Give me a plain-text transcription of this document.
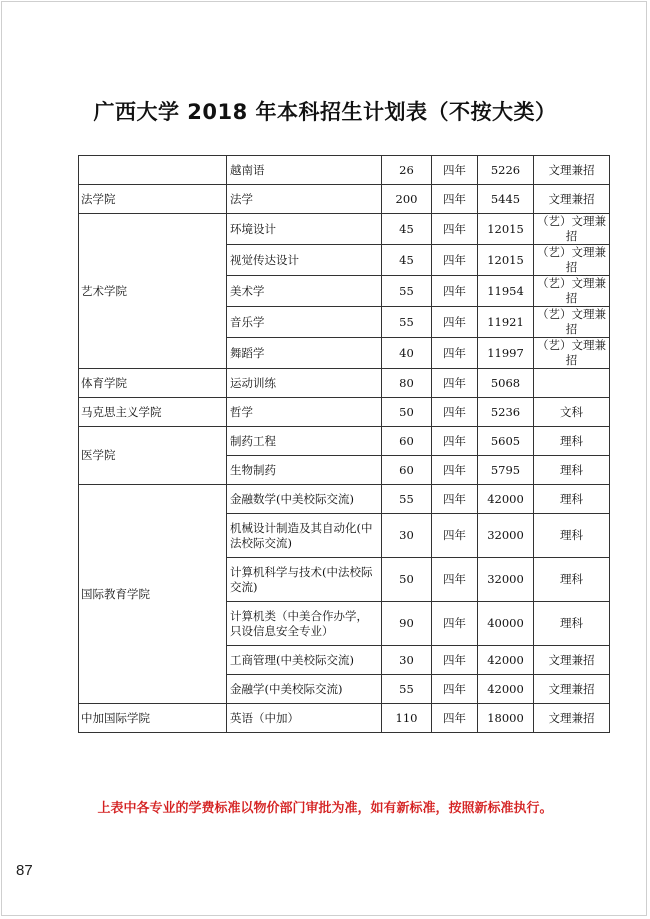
广西大学 2018 年本科招生计划表（不按大类）
	越南语	26	四年	5226	文理兼招
法学院	法学	200	四年	5445	文理兼招
艺术学院	环境设计	45	四年	12015	（艺）文理兼招
	视觉传达设计	45	四年	12015	（艺）文理兼招
	美术学	55	四年	11954	（艺）文理兼招
	音乐学	55	四年	11921	（艺）文理兼招
	舞蹈学	40	四年	11997	（艺）文理兼招
体育学院	运动训练	80	四年	5068	
马克思主义学院	哲学	50	四年	5236	文科
医学院	制药工程	60	四年	5605	理科
	生物制药	60	四年	5795	理科
国际教育学院	金融数学(中美校际交流)	55	四年	42000	理科
	机械设计制造及其自动化(中法校际交流)	30	四年	32000	理科
	计算机科学与技术(中法校际交流)	50	四年	32000	理科
	计算机类（中美合作办学，只设信息安全专业）	90	四年	40000	理科
	工商管理(中美校际交流)	30	四年	42000	文理兼招
	金融学(中美校际交流)	55	四年	42000	文理兼招
中加国际学院	英语（中加）	110	四年	18000	文理兼招
上表中各专业的学费标准以物价部门审批为准，如有新标准，按照新标准执行。
87
